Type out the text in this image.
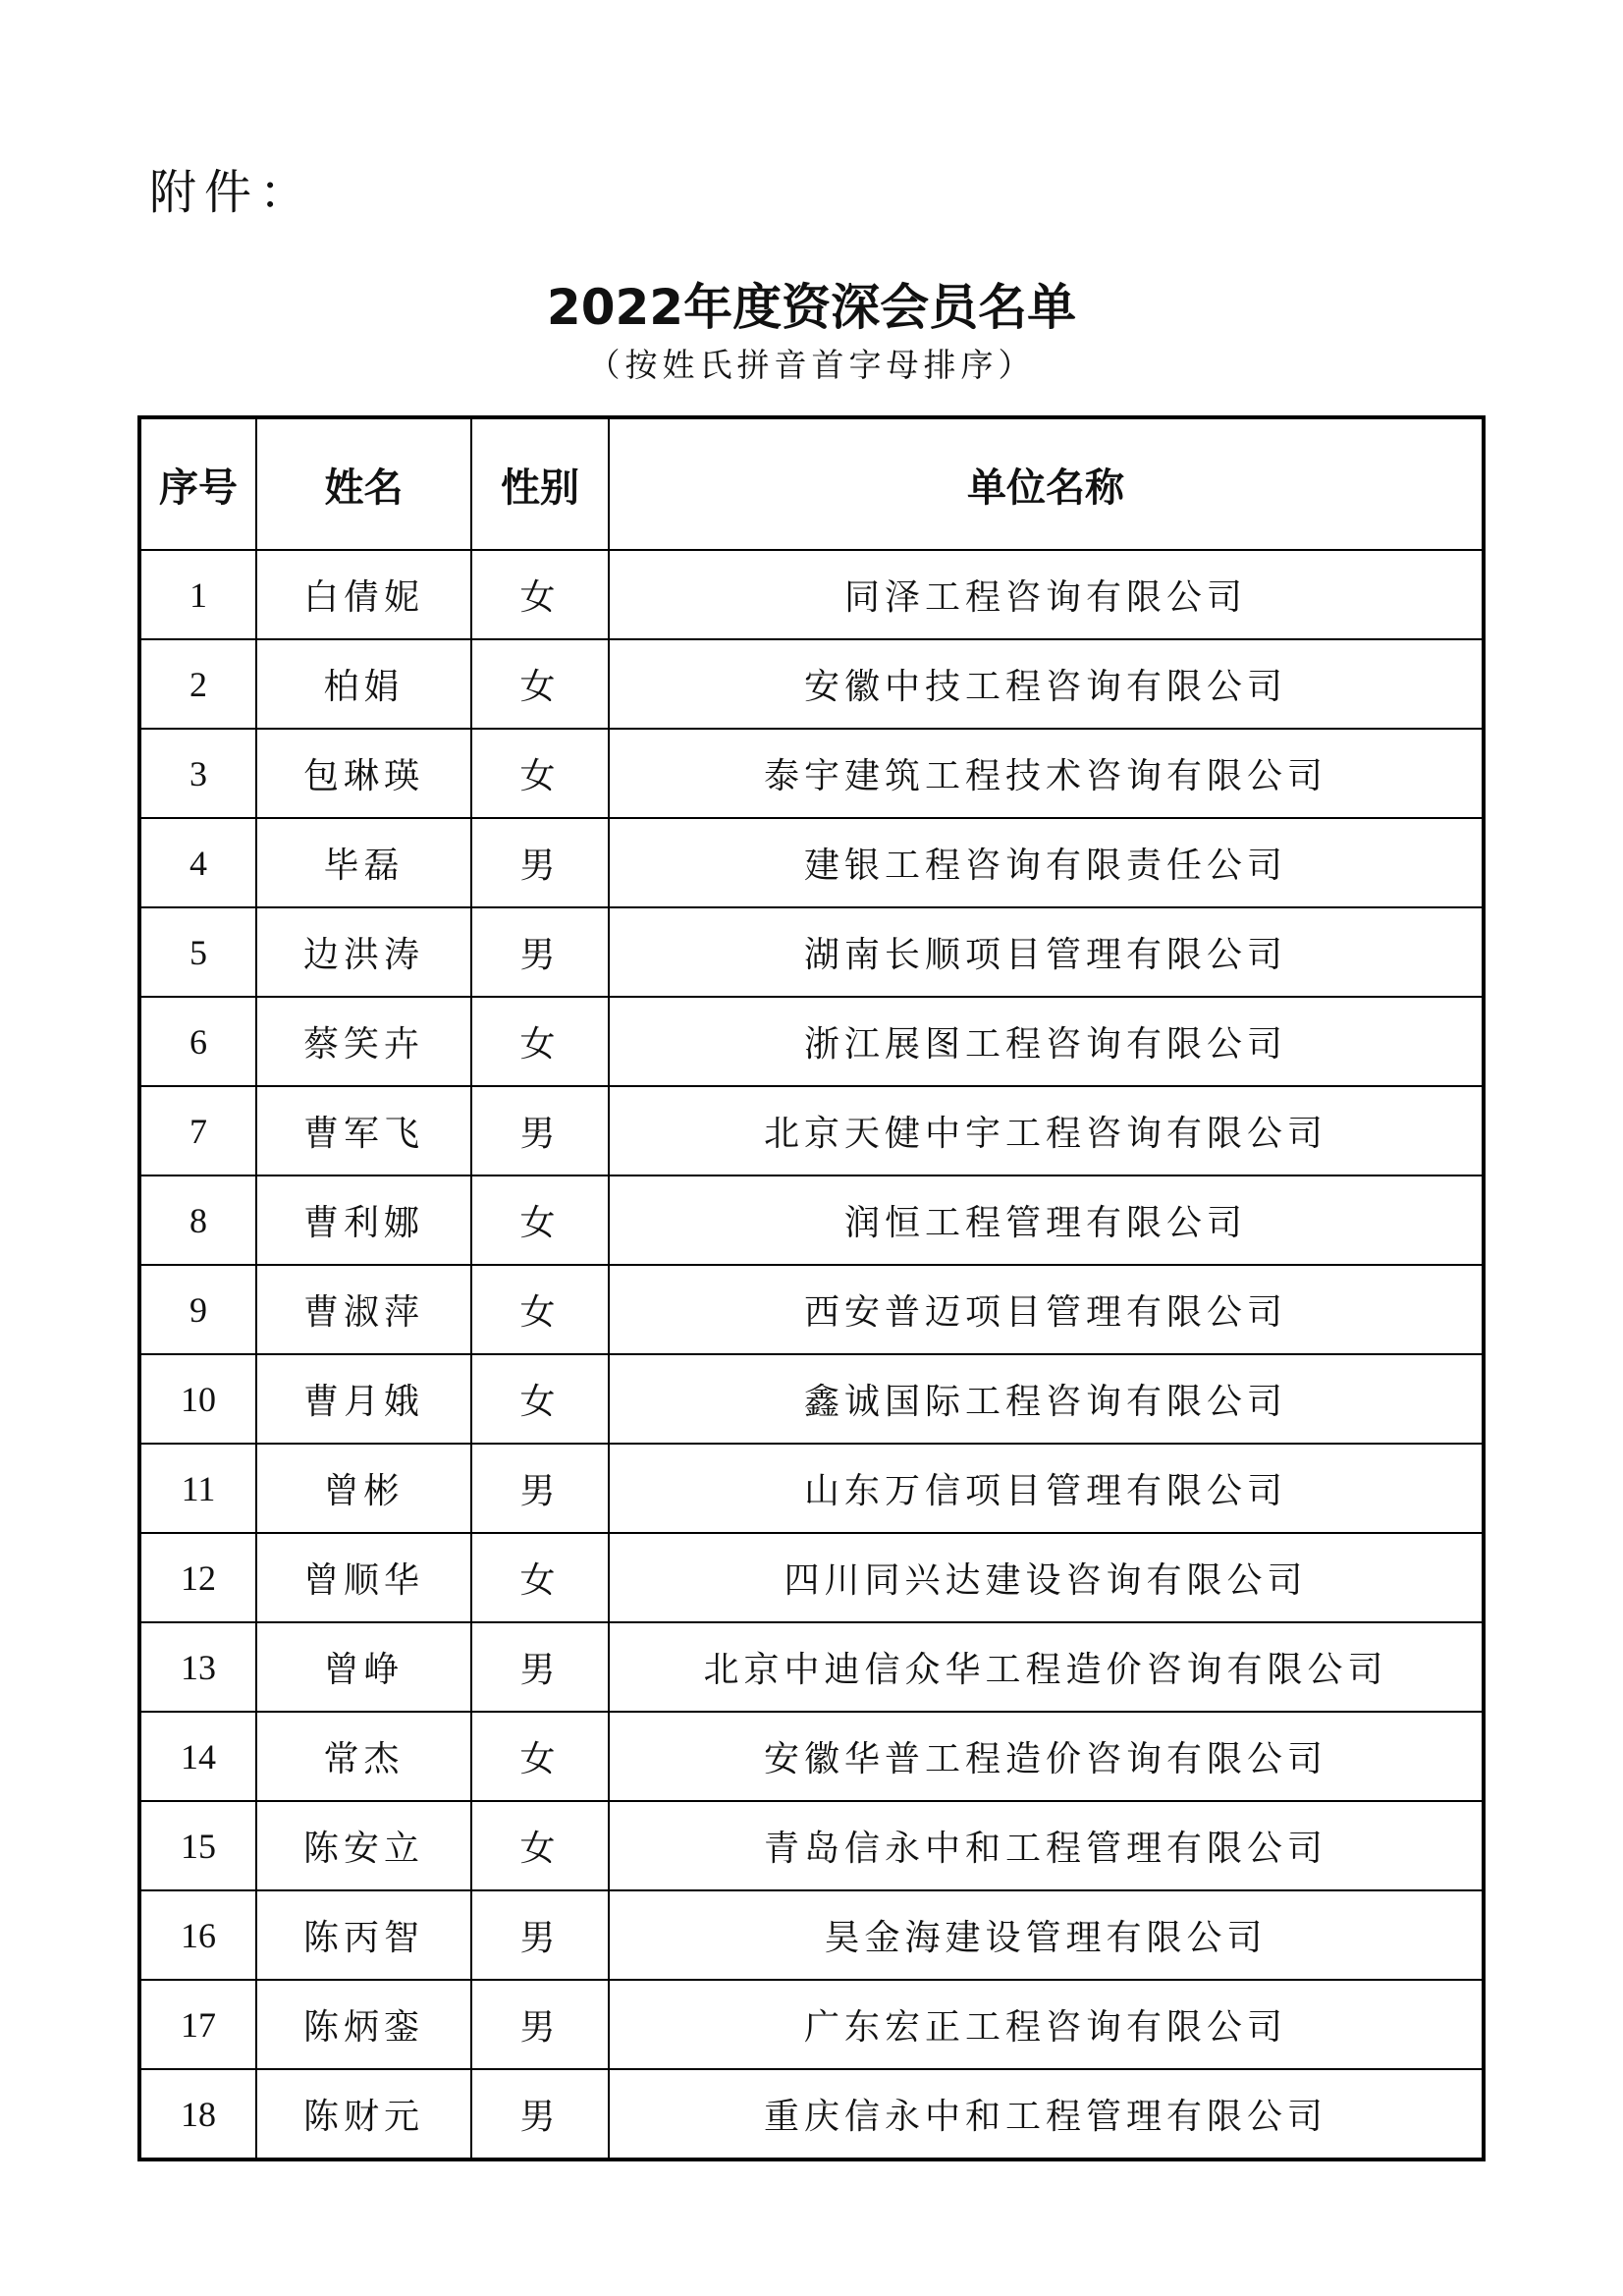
附件：
2022年度资深会员名单
（按姓氏拼音首字母排序）
序号	姓名	性别	单位名称
1	白倩妮	女	同泽工程咨询有限公司
2	柏娟	女	安徽中技工程咨询有限公司
3	包琳瑛	女	泰宇建筑工程技术咨询有限公司
4	毕磊	男	建银工程咨询有限责任公司
5	边洪涛	男	湖南长顺项目管理有限公司
6	蔡笑卉	女	浙江展图工程咨询有限公司
7	曹军飞	男	北京天健中宇工程咨询有限公司
8	曹利娜	女	润恒工程管理有限公司
9	曹淑萍	女	西安普迈项目管理有限公司
10	曹月娥	女	鑫诚国际工程咨询有限公司
11	曾彬	男	山东万信项目管理有限公司
12	曾顺华	女	四川同兴达建设咨询有限公司
13	曾峥	男	北京中迪信众华工程造价咨询有限公司
14	常杰	女	安徽华普工程造价咨询有限公司
15	陈安立	女	青岛信永中和工程管理有限公司
16	陈丙智	男	昊金海建设管理有限公司
17	陈炳銮	男	广东宏正工程咨询有限公司
18	陈财元	男	重庆信永中和工程管理有限公司
